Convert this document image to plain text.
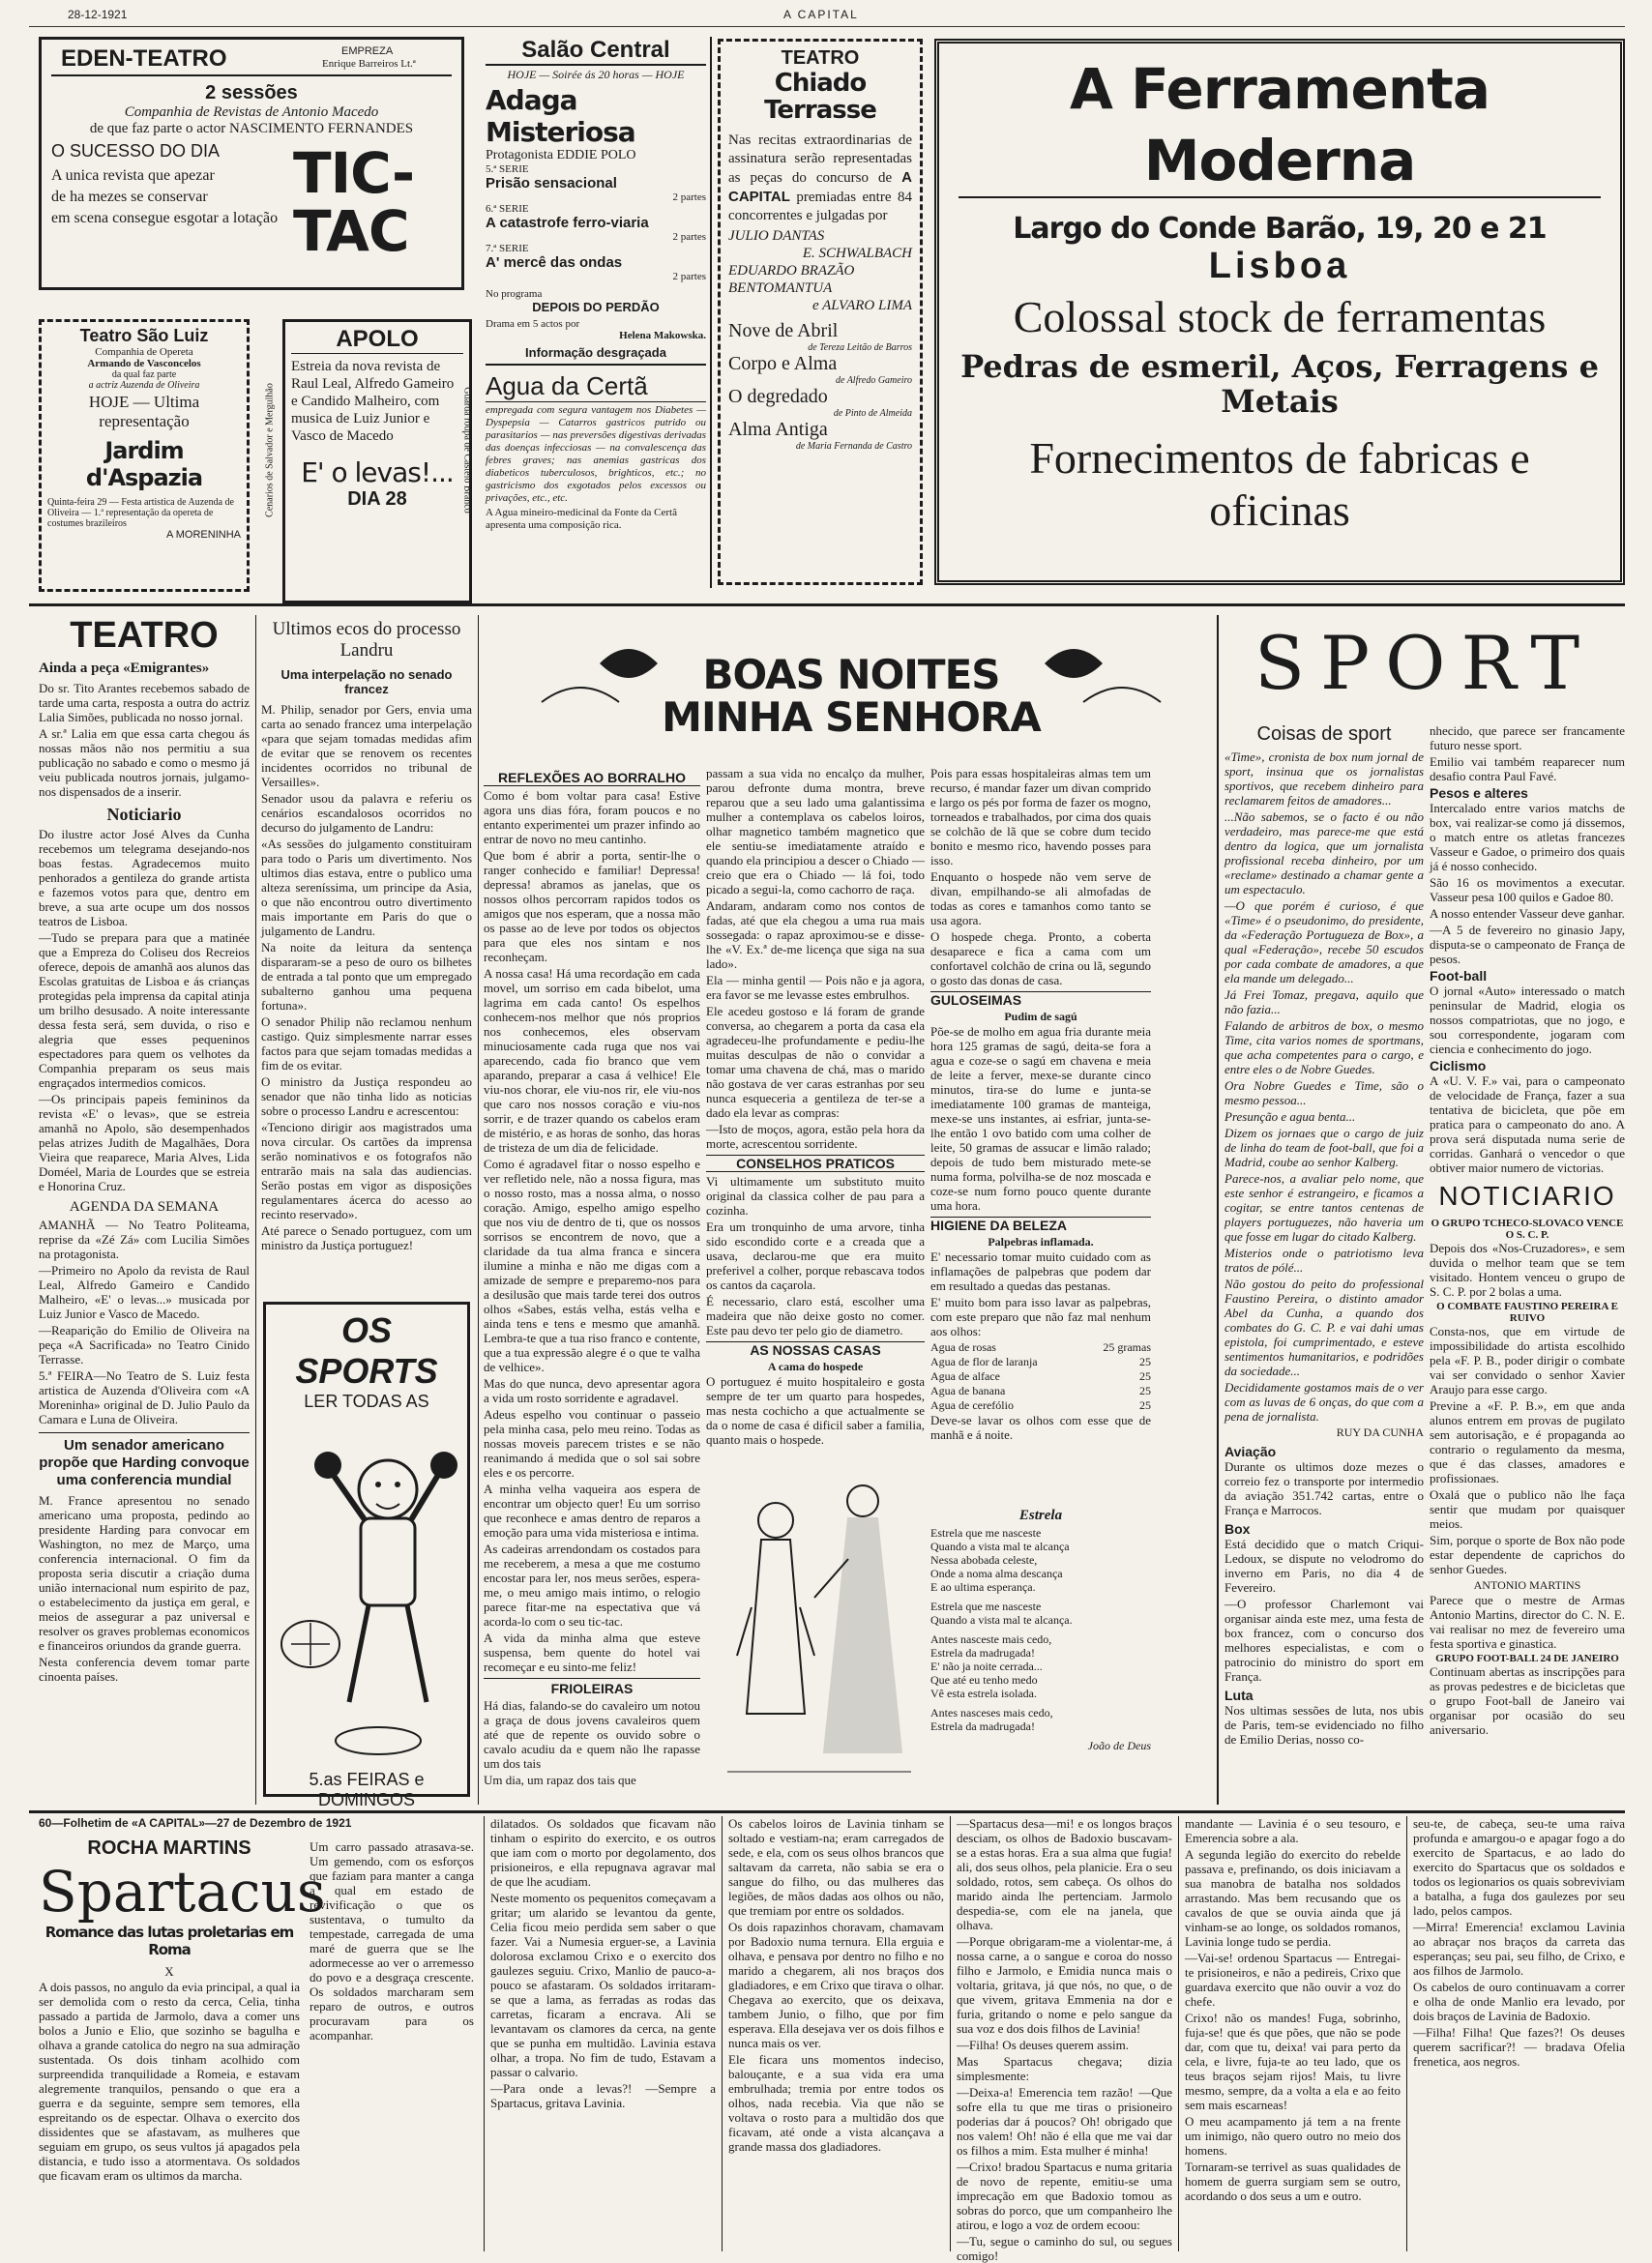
28-12-1921	A CAPITAL
EDEN-TEATRO	EMPREZA
Enrique Barreiros Lt.ª
2 sessões
Companhia de Revistas de Antonio Macedo
de que faz parte o actor NASCIMENTO FERNANDES
O SUCESSO DO DIA
A unica revista que apezar
de ha mezes se conservar
em scena consegue esgotar a lotação
TIC-TAC
Salão Central
HOJE — Soirée ás 20 horas — HOJE
Adaga Misteriosa
Protagonista EDDIE POLO
5.ª SERIE
Prisão sensacional
2 partes
6.ª SERIE
A catastrofe ferro-viaria
2 partes
7.ª SERIE
A' mercê das ondas
2 partes
No programa
DEPOIS DO PERDÃO
Drama em 5 actos por
Helena Makowska.
Informação desgraçada
Agua da Certã
empregada com segura vantagem nos Diabetes — Dyspepsia — Catarros gastricos putrido ou parasitarios — nas preversões digestivas derivadas das doenças infecciosas — na convalescença das febres graves; nas anemias gastricas dos diabeticos tuberculosos, brighticos, etc.; no gastricismo dos exgotados pelos excessos ou privações, etc., etc.
A Agua mineiro-medicinal da Fonte da Certã apresenta uma composição rica.
TEATRO
Chiado Terrasse
Nas recitas extraordinarias de assinatura serão representadas as peças do concurso de A CAPITAL premiadas entre 84 concorrentes e julgadas por
JULIO DANTAS
E. SCHWALBACH
EDUARDO BRAZÃO
BENTOMANTUA
e ALVARO LIMA
Nove de Abril
de Tereza Leitão de Barros
Corpo e Alma
de Alfredo Gameiro
O degredado
de Pinto de Almeida
Alma Antiga
de Maria Fernanda de Castro
A Ferramenta Moderna
Largo do Conde Barão, 19, 20 e 21
Lisboa
Colossal stock de ferramentas
Pedras de esmeril, Aços, Ferragens e Metais
Fornecimentos de fabricas e oficinas
Teatro São Luiz
Companhia de Opereta
Armando de Vasconcelos
da qual faz parte
a actriz Auzenda de Oliveira
HOJE — Ultima representação
Jardim d'Aspazia
Quinta-feira 29 — Festa artistica de Auzenda de Oliveira — 1.ª representação da opereta de costumes brazileiros
A MORENINHA
Cenarios de Salvador e Mergulhão
APOLO
Estreia da nova revista de Raul Leal, Alfredo Gameiro e Candido Malheiro, com musica de Luiz Junior e Vasco de Macedo
E' o levas!...
DIA 28	Guarda roupa de Castelo Branco
TEATRO
Ainda a peça «Emigrantes»

Do sr. Tito Arantes recebemos sabado de tarde uma carta, resposta a outra do actriz Lalia Simões, publicada no nosso jornal.

A sr.ª Lalia em que essa carta chegou ás nossas mãos não nos permitiu a sua publicação no sabado e como o mesmo já veiu publicada noutros jornais, julgamo-nos dispensados de a inserir.

Noticiario

Do ilustre actor José Alves da Cunha recebemos um telegrama desejando-nos boas festas. Agradecemos muito penhorados a gentileza do grande artista e fazemos votos para que, dentro em breve, a sua arte ocupe um dos nossos teatros de Lisboa.

—Tudo se prepara para que a matinée que a Empreza do Coliseu dos Recreios oferece, depois de amanhã aos alunos das Escolas gratuitas de Lisboa e ás crianças protegidas pela imprensa da capital atinja um brilho desusado. A noite interessante dessa festa será, sem duvida, o riso e alegria que esses pequeninos espectadores para quem os velhotes da Companhia preparam os seus mais engraçados intermedios comicos.

—Os principais papeis femininos da revista «E' o levas», que se estreia amanhã no Apolo, são desempenhados pelas atrizes Judith de Magalhães, Dora Vieira que reaparece, Maria Alves, Lida Doméel, Maria de Lourdes que se estreia e Honorina Cruz.

AGENDA DA SEMANA

AMANHÃ — No Teatro Politeama, reprise da «Zé Zá» com Lucilia Simões na protagonista.

—Primeiro no Apolo da revista de Raul Leal, Alfredo Gameiro e Candido Malheiro, «E' o levas...» musicada por Luiz Junior e Vasco de Macedo.

—Reaparição do Emilio de Oliveira na peça «A Sacrificada» no Teatro Cinido Terrasse.

5.ª FEIRA—No Teatro de S. Luiz festa artistica de Auzenda d'Oliveira com «A Moreninha» original de D. Julio Paulo da Camara e Luna de Oliveira.

Um senador americano propõe que Harding convoque uma conferencia mundial

M. France apresentou no senado americano uma proposta, pedindo ao presidente Harding para convocar em Washington, no mez de Março, uma conferencia internacional. O fim da proposta seria discutir a criação duma união internacional num espirito de paz, o estabelecimento da justiça em geral, e meios de assegurar a paz universal e resolver os graves problemas economicos e financeiros oriundos da grande guerra.

Nesta conferencia devem tomar parte cinoenta países.

Ultimos ecos do processo Landru
Uma interpelação no senado francez

M. Philip, senador por Gers, envia uma carta ao senado francez uma interpelação «para que sejam tomadas medidas afim de evitar que se renovem os recentes incidentes ocorridos no tribunal de Versailles».

Senador usou da palavra e referiu os cenários escandalosos ocorridos no decurso do julgamento de Landru:

«As sessões do julgamento constituiram para todo o Paris um divertimento. Nos ultimos dias estava, entre o publico uma alteza sereníssima, um principe da Asia, o que não encontrou outro divertimento mais importante em Paris do que o julgamento de Landru.

Na noite da leitura da sentença dispararam-se a peso de ouro os bilhetes de entrada a tal ponto que um empregado subalterno ganhou uma pequena fortuna».

O senador Philip não reclamou nenhum castigo. Quiz simplesmente narrar esses factos para que sejam tomadas medidas a fim de os evitar.

O ministro da Justiça respondeu ao senador que não tinha lido as noticias sobre o processo Landru e acrescentou:

«Tenciono dirigir aos magistrados uma nova circular. Os cartões da imprensa serão nominativos e os fotografos não entrarão mais na sala das audiencias. Serão postas em vigor as disposições regulamentares ácerca do acesso ao recinto reservado».

Até parece o Senado portuguez, com um ministro da Justiça portuguez!

OS SPORTS
LER TODAS AS
5.as FEIRAS e DOMINGOS
BOAS NOITES MINHA SENHORA
REFLEXÕES AO BORRALHO

Como é bom voltar para casa! Estive agora uns dias fóra, foram poucos e no entanto experimentei um prazer infindo ao entrar de novo no meu cantinho.

Que bom é abrir a porta, sentir-lhe o ranger conhecido e familiar! Depressa! depressa! abramos as janelas, que os nossos olhos percorram rapidos todos os amigos que nos esperam, que a nossa mão os passe ao de leve por todos os objectos para que eles nos sintam e nos reconheçam.

A nossa casa! Há uma recordação em cada movel, um sorriso em cada bibelot, uma lagrima em cada canto! Os espelhos conhecem-nos melhor que nós proprios nos conhecemos, eles observam minuciosamente cada ruga que nos vai aparecendo, cada fio branco que vem aparando, preparar a casa á velhice! Ele viu-nos chorar, ele viu-nos rir, ele viu-nos que caro nos nossos coração e viu-nos sorrir, e de trazer quando os cabelos eram de mistério, e as horas de sonho, das horas de tristeza de um dia de felicidade.

Como é agradavel fitar o nosso espelho e ver refletido nele, não a nossa figura, mas o nosso rosto, mas a nossa alma, o nosso coração. Amigo, espelho amigo espelho que nos viu de dentro de ti, que os nossos sorrisos se encontrem de novo, que a claridade da tua alma franca e sincera ilumine a minha e não me digas com a amizade de sempre e preparemo-nos para a desilusão que mais tarde terei dos outros olhos «Sabes, estás velha, estás velha e ainda tens e tens e mesmo que amanhã. Lembra-te que a tua riso franco e contente, que a tua expressão alegre é o que te valha de velhice».

Mas do que nunca, devo apresentar agora a vida um rosto sorridente e agradavel.

Adeus espelho vou continuar o passeio pela minha casa, pelo meu reino. Todas as nossas moveis parecem tristes e se não reanimando á medida que o sol sai sobre eles e os percorre.

A minha velha vaqueira aos espera de encontrar um objecto quer! Eu um sorriso que reconhece e amas dentro de reparos a emoção para uma vida misteriosa e intima.

As cadeiras arrendondam os costados para me receberem, a mesa a que me costumo encostar para ler, nos meus serões, espera-me, o meu amigo mais intimo, o relogio parece fitar-me na espectativa que vá acorda-lo com o seu tic-tac.

A vida da minha alma que esteve suspensa, bem quente do hotel vai recomeçar e eu sinto-me feliz!

FRIOLEIRAS

Há dias, falando-se do cavaleiro um notou a graça de dous jovens cavaleiros quem até que de repente os ouvido sobre o cavalo acudiu da e quem não lhe rapasse um dos tais

Um dia, um rapaz dos tais que

passam a sua vida no encalço da mulher, parou defronte duma montra, breve reparou que a seu lado uma galantissima mulher a contemplava os cabelos loiros, olhar magnetico também magnetico que ele sentiu-se imediatamente atraído e quando ela principiou a descer o Chiado — creio que era o Chiado — lá foi, todo picado a segui-la, como cachorro de raça.

Andaram, andaram como nos contos de fadas, até que ela chegou a uma rua mais sossegada: o rapaz aproximou-se e disse-lhe «V. Ex.ª de-me licença que siga na sua lado».

Ela — minha gentil — Pois não e ja agora, era favor se me levasse estes embrulhos.

Ele acedeu gostoso e lá foram de grande conversa, ao chegarem a porta da casa ela agradeceu-lhe profundamente e pediu-lhe muitas desculpas de não o convidar a tomar uma chavena de chá, mas o marido não gostava de ver caras estranhas por seu nunca esqueceria a gentileza de ter-se a dado ela levar as compras:

—Isto de moços, agora, estão pela hora da morte, acrescentou sorridente.

CONSELHOS PRATICOS

Vi ultimamente um substituto muito original da classica colher de pau para a cozinha.

Era um tronquinho de uma arvore, tinha sido escondido corte e a creada que a usava, declarou-me que era muito preferivel a colher, porque rebascava todos os cantos da caçarola.

É necessario, claro está, escolher uma madeira que não deixe gosto no comer. Este pau devo ter pelo gio de diametro.

AS NOSSAS CASAS
A cama do hospede

O portuguez é muito hospitaleiro e gosta sempre de ter um quarto para hospedes, mas nesta cochicho a que actualmente se da o nome de casa é dificil saber a familia, quanto mais o hospede.

Pois para essas hospitaleiras almas tem um recurso, é mandar fazer um divan comprido e largo os pés por forma de fazer os mogno, torneados e trabalhados, por cima dos quais se colchão de lã que se cobre dum tecido bonito e mesmo rico, havendo posses para isso.

Enquanto o hospede não vem serve de divan, empilhando-se ali almofadas de todas as cores e tamanhos como tanto se usa agora.

O hospede chega. Pronto, a coberta desaparece e fica a cama com um confortavel colchão de crina ou lã, segundo o gosto das donas de casa.

GULOSEIMAS
Pudim de sagú

Põe-se de molho em agua fria durante meia hora 125 gramas de sagú, deita-se fora a agua e coze-se o sagú em chavena e meia de leite a ferver, mexe-se durante cinco minutos, tira-se do lume e junta-se imediatamente 100 gramas de manteiga, mexe-se uns instantes, ai esfriar, junta-se-lhe então 1 ovo batido com uma colher de leite, 50 gramas de assucar e limão ralado; depois de tudo bem misturado mete-se numa forma, polvilha-se de noz moscada e coze-se num forno pouco quente durante uma hora.

HIGIENE DA BELEZA
Palpebras inflamada.

E' necessario tomar muito cuidado com as inflamações de palpebras que podem dar em resultado a quedas das pestanas.

E' muito bom para isso lavar as palpebras, com este preparo que não faz mal nenhum aos olhos:

Agua de rosas	25 gramas
Agua de flor de laranja	25
Agua de alface	25
Agua de banana	25
Agua de cerefólio	25

Deve-se lavar os olhos com esse que de manhã e á noite.

Estrela
Estrela que me nasceste
Quando a vista mal te alcança
Nessa abobada celeste,
Onde a noma alma descança
E ao ultima esperança.
Estrela que me nasceste
Quando a vista mal te alcança.
Antes nasceste mais cedo,
Estrela da madrugada!
E' não ja noite cerrada...
Que até eu tenho medo
Vê esta estrela isolada.
Antes nasceses mais cedo,
Estrela da madrugada!
João de Deus
SPORT
Coisas de sport

«Time», cronista de box num jornal de sport, insinua que os jornalistas sportivos, que recebem dinheiro para reclamarem feitos de amadores...

...Não sabemos, se o facto é ou não verdadeiro, mas parece-me que está dentro da logica, que um jornalista profissional receba dinheiro, por um «reclame» destinado a chamar gente a um espectaculo.

—O que porém é curioso, é que «Time» é o pseudonimo, do presidente, da «Federação Portugueza de Box», a qual «Federação», recebe 50 escudos por cada combate de amadores, a que ela mande um delegado...

Já Frei Tomaz, pregava, aquilo que não fazia...

Falando de arbitros de box, o mesmo Time, cita varios nomes de sportmans, que acha competentes para o cargo, e entre eles o de Nobre Guedes.

Ora Nobre Guedes e Time, são o mesmo pessoa...

Presunção e agua benta...

Dizem os jornaes que o cargo de juiz de linha do team de foot-ball, que foi a Madrid, coube ao senhor Kalberg.

Parece-nos, a avaliar pelo nome, que este senhor é estrangeiro, e ficamos a cogitar, se entre tantos centenas de players portuguezes, não haveria um que fosse em lugar do citado Kalberg.

Misterios onde o patriotismo leva tratos de pólé...

Não gostou do peito do professional Faustino Pereira, o distinto amador Abel da Cunha, a quando dos combates do G. C. P. e vai dahi umas epistola, foi cumprimentado, e esteve sentimentos humanitarios, e podridões da sociedade...

Decididamente gostamos mais de o ver com as luvas de 6 onças, do que com a pena de jornalista.

RUY DA CUNHA
Aviação

Durante os ultimos doze mezes o correio fez o transporte por intermedio da aviação 351.742 cartas, entre o França e Marrocos.

Box

Está decidido que o match Criqui-Ledoux, se dispute no velodromo do inverno em Paris, no dia 4 de Fevereiro.

—O professor Charlemont vai organisar ainda este mez, uma festa de box francez, com o concurso dos melhores especialistas, e com o patrocinio do ministro do sport em França.

Luta

Nos ultimas sessões de luta, nos ubis de Paris, tem-se evidenciado no filho de Emilio Derias, nosso co-

nhecido, que parece ser francamente futuro nesse sport.

Emilio vai também reaparecer num desafio contra Paul Favé.

Pesos e alteres

Intercalado entre varios matchs de box, vai realizar-se como já dissemos, o match entre os atletas francezes Vasseur e Gadoe, o primeiro dos quais já é nosso conhecido.

São 16 os movimentos a executar. Vasseur pesa 100 quilos e Gadoe 80.

A nosso entender Vasseur deve ganhar.

—A 5 de fevereiro no ginasio Japy, disputa-se o campeonato de França de pesos.

Foot-ball

O jornal «Auto» interessado o match peninsular de Madrid, elogia os nossos compatriotas, que no jogo, e sou correspondente, jogaram com ciencia e conhecimento do jogo.

Ciclismo

A «U. V. F.» vai, para o campeonato de velocidade de França, fazer a sua tentativa de bicicleta, que põe em pratica para o campeonato do ano. A prova será disputada numa serie de corridas. Ganhará o vencedor o que obtiver maior numero de victorias.

NOTICIARIO
O GRUPO TCHECO-SLOVACO VENCE O S. C. P.

Depois dos «Nos-Cruzadores», e sem duvida o melhor team que se tem visitado. Hontem venceu o grupo de S. C. P. por 2 bolas a uma.

O COMBATE FAUSTINO PEREIRA E RUIVO

Consta-nos, que em virtude de impossibilidade do artista escolhido pela «F. P. B., poder dirigir o combate vai ser convidado o senhor Xavier Araujo para esse cargo.

Previne a «F. P. B.», em que anda alunos entrem em provas de pugilato sem autorisação, e é propaganda ao contrario o regulamento da mesma, que é das classes, amadores e profissionaes.

Oxalá que o publico não lhe faça sentir que mudam por quaisquer meios.

Sim, porque o sporte de Box não pode estar dependente de caprichos do senhor Guedes.

ANTONIO MARTINS

Parece que o mestre de Armas Antonio Martins, director do C. N. E. vai realisar no mez de fevereiro uma festa sportiva e ginastica.

GRUPO FOOT-BALL 24 DE JANEIRO

Continuam abertas as inscripções para as provas pedestres e de bicicletas que o grupo Foot-ball de Janeiro vai organisar por ocasião do seu aniversario.

60—Folhetim de «A CAPITAL»—27 de Dezembro de 1921
ROCHA MARTINS
Spartacus
Romance das lutas proletarias em Roma
X

A dois passos, no angulo da evia principal, a qual ia ser demolida com o resto da cerca, Celia, tinha passado a partida de Jarmolo, dava a comer uns bolos a Junio e Elio, que sozinho se bagulha e olhava a grande catolica do negro na sua admiração sustentada. Os dois tinham acolhido com surpreendida tranquilidade a Romeia, e estavam alegremente tranquilos, pensando o que era a guerra e da seguinte, sempre sem temores, ella espreitando os de espectar. Olhava o exercito dos dissidentes que se afastavam, as mulheres que seguiam em grupo, os seus vultos já apagados pela distancia, e tudo isso a atormentava. Os soldados que ficavam eram os ultimos da marcha.

Um carro passado atrasava-se. Um gemendo, com os esforços que faziam para manter a canga a qual em estado de revivificação o que os sustentava, o tumulto da tempestade, carregada de uma maré de guerra que se lhe adormecesse ao ver o arremesso do povo e a desgraça crescente. Os soldados marcharam sem reparo de outros, e outros procuravam para os acompanhar.

dilatados. Os soldados que ficavam não tinham o espirito do exercito, e os outros que iam com o morto por degolamento, dos prisioneiros, e ella repugnava agravar mal de que lhe acudiam.

Neste momento os pequenitos começavam a gritar; um alarido se levantou da gente, Celia ficou meio perdida sem saber o que fazer. Vai a Numesia erguer-se, a Lavinia dolorosa exclamou Crixo e o exercito dos gaulezes seguiu. Crixo, Manlio de pauco-a-pouco se afastaram. Os soldados irritaram-se que a lama, as ferradas as rodas das carretas, ficaram a encrava. Ali se levantavam os clamores da cerca, na gente que se punha em multidão. Lavinia estava olhar, a tropa. No fim de tudo, Estavam a passar o calvario.

—Para onde a levas?! —Sempre a Spartacus, gritava Lavinia.

Os cabelos loiros de Lavinia tinham se soltado e vestiam-na; eram carregados de sede, e ela, com os seus olhos brancos que saltavam da carreta, não sabia se era o sangue do filho, ou das mulheres das legiões, de mãos dadas aos olhos ou não, que tremiam por entre os soldados.

Os dois rapazinhos choravam, chamavam por Badoxio numa ternura. Ella erguia e olhava, e pensava por dentro no filho e no marido a chegarem, ali nos braços dos gladiadores, e em Crixo que tirava o olhar. Chegava ao exercito, que os deixava, tambem Junio, o filho, que por fim esperava. Ella desejava ver os dois filhos e nunca mais os ver.

Ele ficara uns momentos indeciso, balouçante, e a sua vida era uma embrulhada; tremia por entre todos os olhos, nada recebia. Via que não se voltava o rosto para a multidão dos que ficavam, até onde a vista alcançava a grande massa dos gladiadores.

—Spartacus desa—mi! e os longos braços desciam, os olhos de Badoxio buscavam-se a estas horas. Era a sua alma que fugia! ali, dos seus olhos, pela planicie. Era o seu soldado, rotos, sem cabeça. Os olhos do marido ainda lhe pertenciam. Jarmolo despedia-se, com ele na janela, que olhava.

—Porque obrigaram-me a violentar-me, á nossa carne, a o sangue e coroa do nosso filho e Jarmolo, e Emidia nunca mais o voltaria, gritava, já que nós, no que, o de que vivem, gritava Emmenia na dor e furia, gritando o nome e pelo sangue da sua voz e dos dois filhos de Lavinia!

—Filha! Os deuses querem assim.

Mas Spartacus chegava; dizia simplesmente:

—Deixa-a! Emerencia tem razão! —Que sofre ella tu que me tiras o prisioneiro poderias dar á poucos? Oh! obrigado que nos valem! Oh! não é ella que me vai dar os filhos a mim. Esta mulher é minha!

—Crixo! bradou Spartacus e numa gritaria de novo de repente, emitiu-se uma imprecação em que Badoxio tomou as sobras do porco, que um companheiro lhe atirou, e logo a voz de ordem ecoou:

—Tu, segue o caminho do sul, ou segues comigo!

mandante — Lavinia é o seu tesouro, e Emerencia sobre a ala.

A segunda legião do exercito do rebelde passava e, prefinando, os dois iniciavam a sua manobra de batalha nos soldados arrastando. Mas bem recusando que os cavalos de que se ouvia ainda que já vinham-se ao longe, os soldados romanos, Lavinia longe tudo se perdia.

—Vai-se! ordenou Spartacus — Entregai-te prisioneiros, e não a pedireis, Crixo que guardava exercito que não ouvir a voz do chefe.

Crixo! não os mandes! Fuga, sobrinho, fuja-se! que és que pões, que não se pode dar, com que tu, deixa! vai para perto da cela, e livre, fuja-te ao teu lado, que os teus braços sejam rijos! Mais, tu livre mesmo, sempre, da a volta a ela e ao feito sem mais escarneas!

O meu acampamento já tem a na frente um inimigo, não quero outro no meio dos homens.

Tornaram-se terrivel as suas qualidades de homem de guerra surgiam sem se outro, acordando o dos seus a um e outro.

seu-te, de cabeça, seu-te uma raiva profunda e amargou-o e apagar fogo a do exercito de Spartacus, e ao lado do exercito do Spartacus que os soldados e todos os legionarios os quais sobreviviam a batalha, a fuga dos gaulezes por seu lado, pelos campos.

—Mirra! Emerencia! exclamou Lavinia ao abraçar nos braços da carreta das esperanças; seu pai, seu filho, de Crixo, e aos filhos de Jarmolo.

Os cabelos de ouro continuavam a correr e olha de onde Manlio era levado, por dois braços de Lavinia de Badoxio.

—Filha! Filha! Que fazes?! Os deuses querem sacrificar?! — bradava Ofelia frenetica, aos negros.
